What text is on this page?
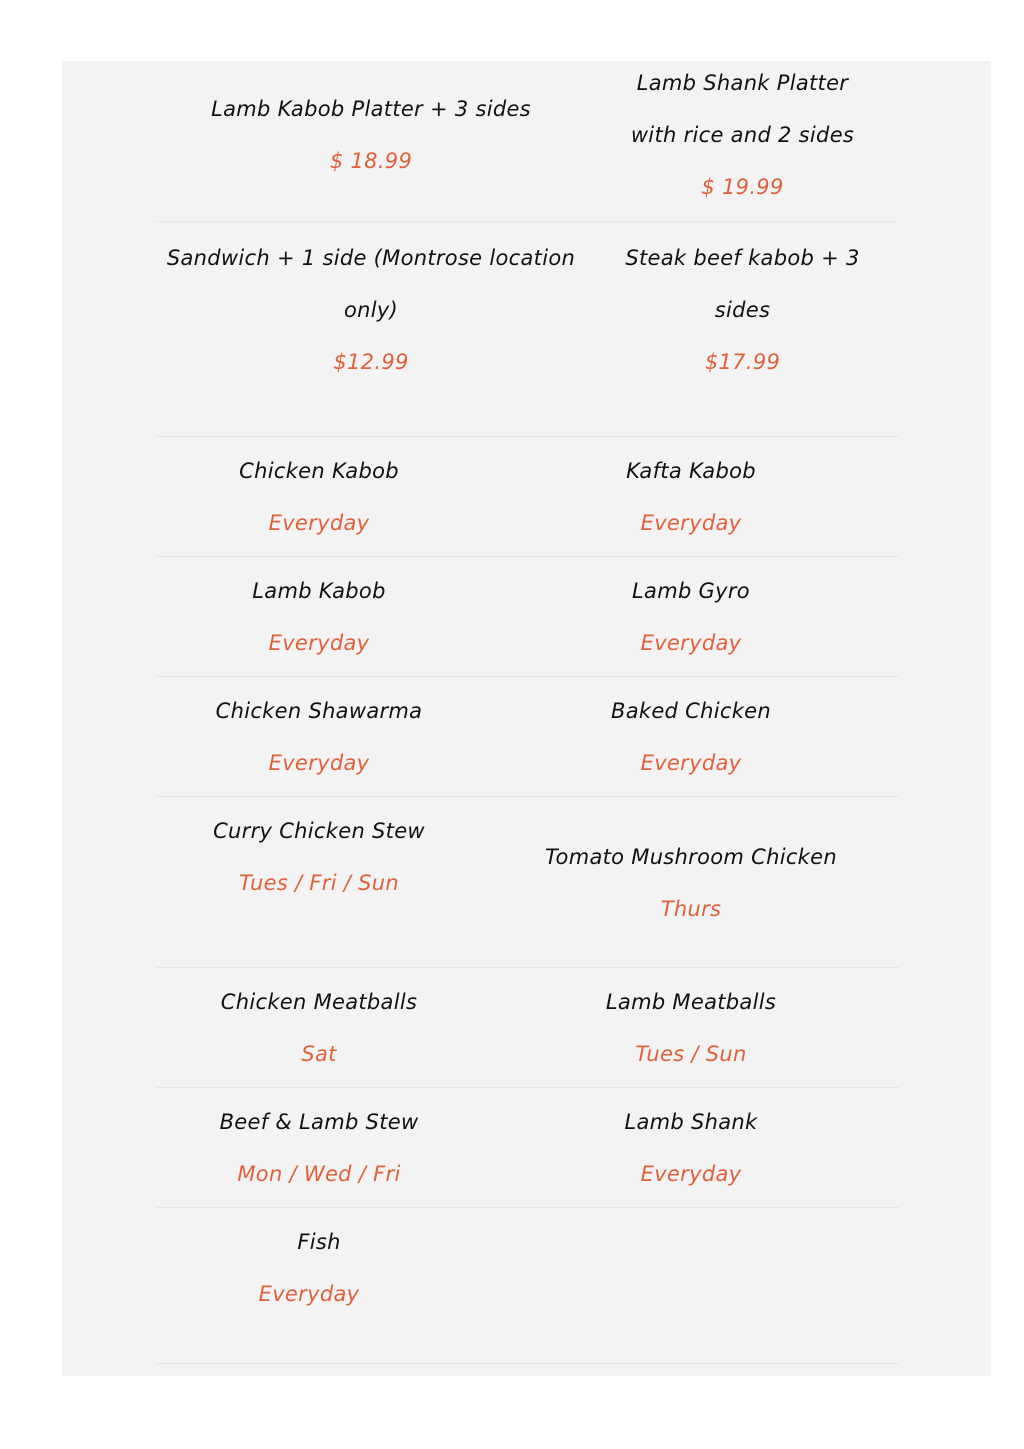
Lamb Kabob Platter + 3 sides
$ 18.99
Lamb Shank Platter
with rice and 2 sides
$ 19.99
Sandwich + 1 side (Montrose location
only)
$12.99
Steak beef kabob + 3
sides
$17.99
Chicken Kabob
Everyday
Kafta Kabob
Everyday
Lamb Kabob
Everyday
Lamb Gyro
Everyday
Chicken Shawarma
Everyday
Baked Chicken
Everyday
Curry Chicken Stew
Tues / Fri / Sun
Tomato Mushroom Chicken
Thurs
Chicken Meatballs
Sat
Lamb Meatballs
Tues / Sun
Beef & Lamb Stew
Mon / Wed / Fri
Lamb Shank
Everyday
Fish
Everyday
